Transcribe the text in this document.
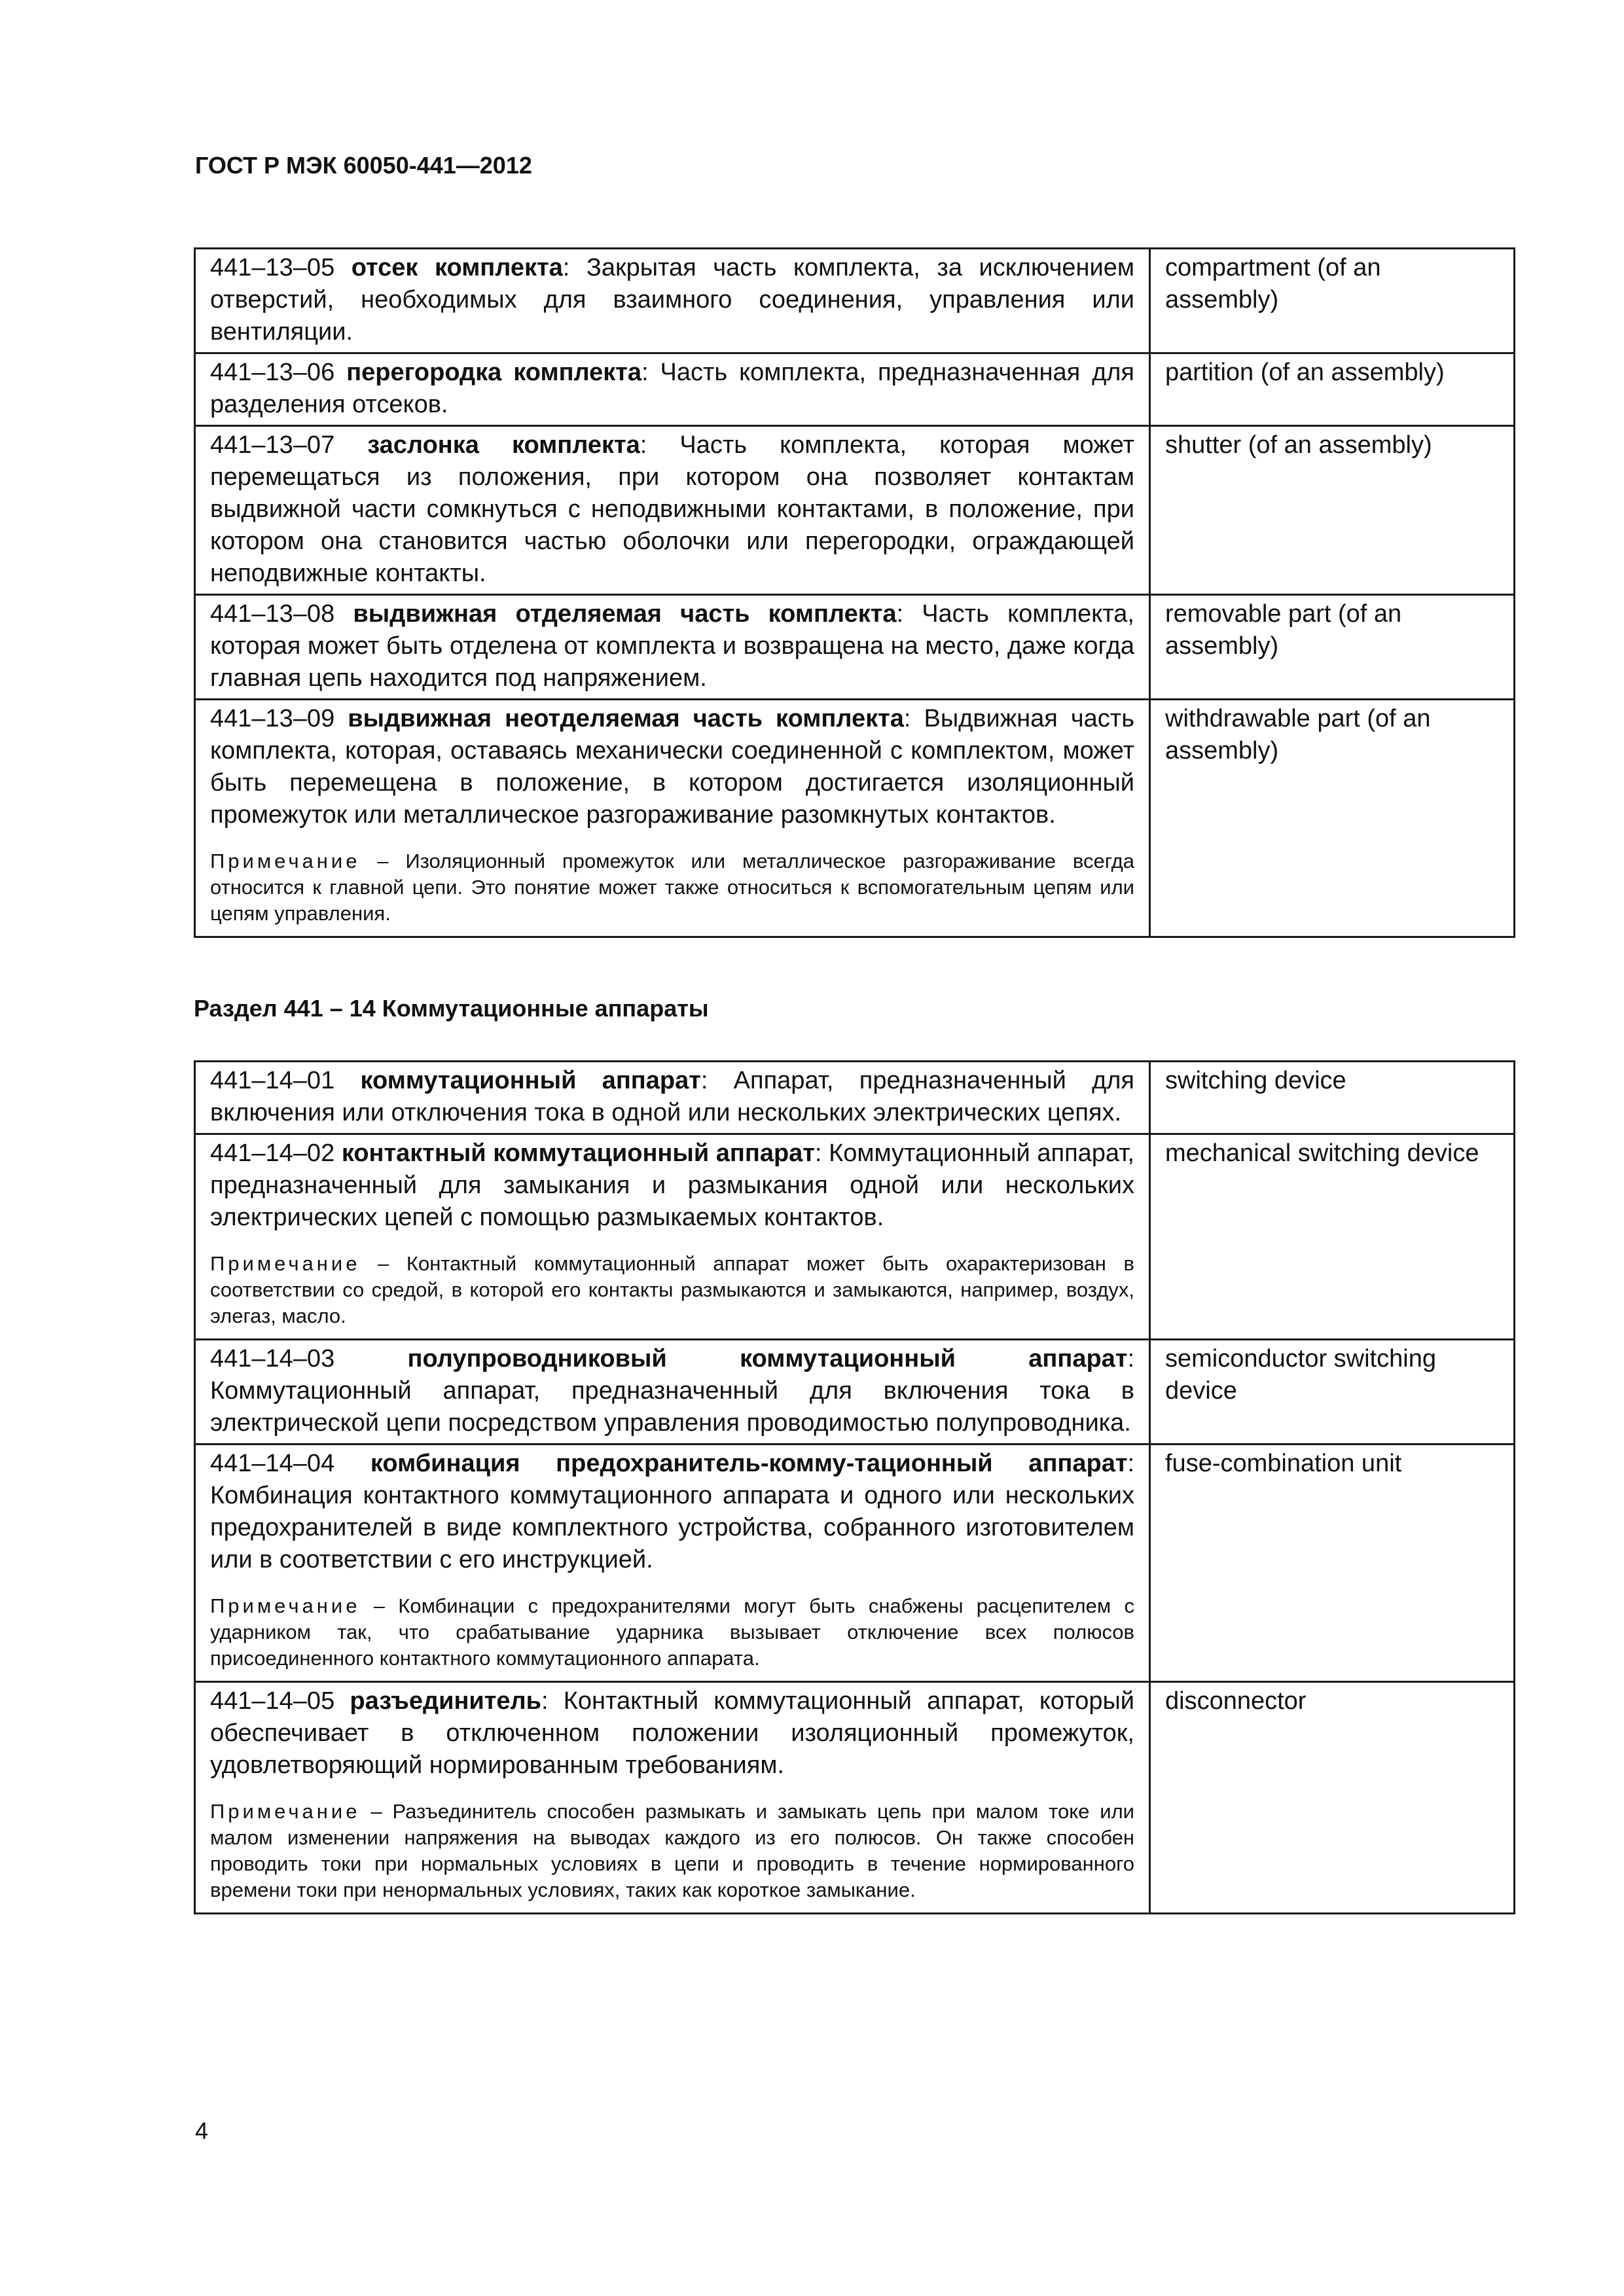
ГОСТ Р МЭК 60050-441—2012
441–13–05 отсек комплекта: Закрытая часть комплекта, за исключением отверстий, необходимых для взаимного соединения, управления или вентиляции.	compartment (of an assembly)

441–13–06 перегородка комплекта: Часть комплекта, предназначенная для разделения отсеков.	partition (of an assembly)

441–13–07 заслонка комплекта: Часть комплекта, которая может перемещаться из положения, при котором она позволяет контактам выдвижной части сомкнуться с неподвижными контактами, в положение, при котором она становится частью оболочки или перегородки, ограждающей неподвижные контакты.	shutter (of an assembly)

441–13–08 выдвижная отделяемая часть комплекта: Часть комплекта, которая может быть отделена от комплекта и возвращена на место, даже когда главная цепь находится под напряжением.	removable part (of an assembly)

441–13–09 выдвижная неотделяемая часть комплекта: Выдвижная часть комплекта, которая, оставаясь механически соединенной с комплектом, может быть перемещена в положение, в котором достигается изоляционный промежуток или металлическое разгораживание разомкнутых контактов.
Примечание – Изоляционный промежуток или металлическое разгораживание всегда относится к главной цепи. Это понятие может также относиться к вспомогательным цепям или цепям управления.	withdrawable part (of an assembly)
Раздел 441 – 14 Коммутационные аппараты
441–14–01 коммутационный аппарат: Аппарат, предназначенный для включения или отключения тока в одной или нескольких электрических цепях.	switching device

441–14–02 контактный коммутационный аппарат: Коммутационный аппарат, предназначенный для замыкания и размыкания одной или нескольких электрических цепей с помощью размыкаемых контактов.
Примечание – Контактный коммутационный аппарат может быть охарактеризован в соответствии со средой, в которой его контакты размыкаются и замыкаются, например, воздух, элегаз, масло.	mechanical switching device

441–14–03 полупроводниковый коммутационный аппарат: Коммутационный аппарат, предназначенный для включения тока в электрической цепи посредством управления проводимостью полупроводника.	semiconductor switching device

441–14–04 комбинация предохранитель-комму-тационный аппарат: Комбинация контактного коммутационного аппарата и одного или нескольких предохранителей в виде комплектного устройства, собранного изготовителем или в соответствии с его инструкцией.
Примечание – Комбинации с предохранителями могут быть снабжены расцепителем с ударником так, что срабатывание ударника вызывает отключение всех полюсов присоединенного контактного коммутационного аппарата.	fuse-combination unit

441–14–05 разъединитель: Контактный коммутационный аппарат, который обеспечивает в отключенном положении изоляционный промежуток, удовлетворяющий нормированным требованиям.
Примечание – Разъединитель способен размыкать и замыкать цепь при малом токе или малом изменении напряжения на выводах каждого из его полюсов. Он также способен проводить токи при нормальных условиях в цепи и проводить в течение нормированного времени токи при ненормальных условиях, таких как короткое замыкание.	disconnector
4
